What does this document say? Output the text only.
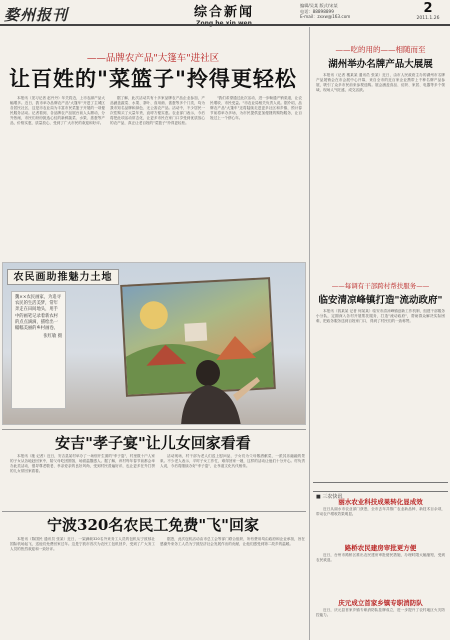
婺州报刊	综合新闻	编辑/吴某 版式/宋某
电话：88898899
E-mail：zxxw@163.com
2
2011.1.26
——品牌农产品"大篷车"进社区
让百姓的"菜篮子"拎得更轻松

本报讯（见习记者 赵丹丹）年关将近，上市农副产品大幅增多。近日，我市举办品牌农产品"大篷车"开进了主城区各居民社区，这是市农业局为丰富市民菜篮子开展的一项便民服务活动。记者看到，各品牌农产品展台前人头攒动，分外热闹，市民们纷纷挑选心仪的新鲜蔬菜、水果、禽蛋等产品，价格实惠，质量放心，受到了广大市民的欢迎和好评。

据了解，此次活动共有十多家品牌农产品企业参加，产品涵盖蔬菜、水果、茶叶、食用菌、禽蛋等多个门类，均为我市知名品牌和绿色、无公害农产品。活动中，不少居民一次性购买了大量年货，直呼方便实惠。农业部门表示，今后将把此项活动常态化，让更多市民在家门口享受到优质放心的农产品，真正让老百姓的"菜篮子"拎得更轻松。

"我们希望通过此次活动，进一步畅通产销渠道，让农民增收、市民受益。"市农业局相关负责人说。据介绍，品牌农产品"大篷车"还将陆续走进更多社区和乡镇，预计春节前将举办多场，为市民提供更加便捷的购物服务，让百姓过上一个舒心年。

农民画助推魅力土地
魏××农民画家，为追寻农民的生活美梦，常年奔走在田间地头，用手中的画笔记录着新农村的点点滴滴，描绘出一幅幅美丽的乡村画卷。
张红敏 摄
安吉"孝子宴"让儿女回家看看

本报讯（施 记者）近日，安吉县某村举办了一场别开生面的"孝子宴"，村里数十户人家的子女从各地赶回家中，陪父母吃团圆饭，场面温馨感人。据了解，该村每年春节前都会举办此类活动，倡导尊老敬老、孝亲爱亲的良好风尚，受到村民普遍好评，也让更多在外打拼的儿女常回家看看。

活动现场，村干部为老人们送上慰问品，子女们为父母敬酒献菜，一派其乐融融的景象。不少老人表示，平时子女工作忙，难得回家一趟，这样的活动让他们十分开心。村负责人说，今后将继续办好"孝子宴"，让孝道文化代代相传。

宁波320名农民工免费"飞"回家

本报讯（陈国民 通讯员 张某）近日，一架满载320名外来务工人员的包机从宁波栎社国际机场起飞，送他们免费回家过年。这是宁波市首次为农民工包机回乡，受到了广大务工人员的热烈欢迎和一致好评。

据悉，此次包机活动由市总工会等部门联合组织，所有费用均由政府和企业承担，旨在感谢外来务工人员为宁波经济社会发展作出的贡献，让他们感受到第二故乡的温暖。

——吃的用的——相随而至
湖州举办名牌产品大展展

本报讯（记者 楼某某 通讯员 张某）近日，由市人民政府主办的湖州市名牌产品展销会在市会展中心开幕，来自全市的近百家企业携带上千种名牌产品参展，吸引了众多市民前来参观选购。展会涵盖食品、纺织、家居、电器等多个领域，现场人气旺盛，成交活跃。

——每调有干部跨村帮扶服务——
临安清凉峰镇打造"流动政府"

本报讯（钱某某 记者 何某某）临安市清凉峰镇创新工作机制，组建干部服务小分队，定期深入各村开展帮扶服务，打造"流动政府"，帮助群众解决实际困难，把政务服务送到百姓家门口，得到了村民们的一致称赞。

■ 三农快讯
丽水农业科技成果转化显成效

近日从丽水市农业部门获悉，全市去年共推广农业新品种、新技术百余项，带动农户增收效果明显。

路桥农民建房审批更方便

近日，台州市路桥区推出农民建房审批便民措施，办理时限大幅缩短，受到农民欢迎。

庆元成立首家乡镇专职消防队

近日，庆元县首家乡镇专职消防队挂牌成立，进一步提升了农村地区火灾防控能力。
